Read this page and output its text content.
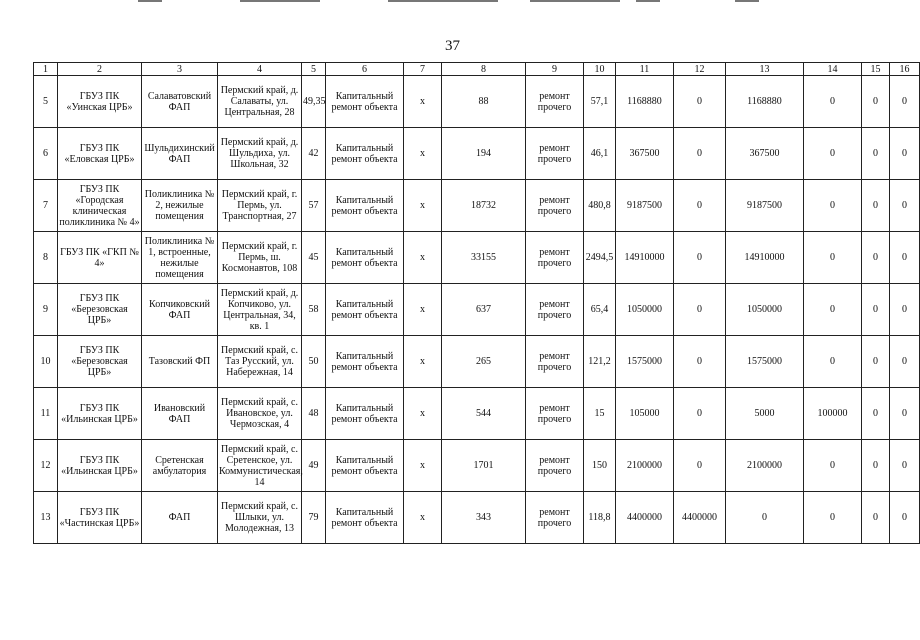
37
1	2	3	4	5	6	7	8	9	10	11	12	13	14	15	16
5	ГБУЗ ПК «Уинская ЦРБ»	Салаватовский ФАП	Пермский край, д. Салаваты, ул. Центральная, 28	49,35	Капитальный ремонт объекта	x	88	ремонт прочего	57,1	1168880	0	1168880	0	0	0
6	ГБУЗ ПК «Еловская ЦРБ»	Шульдихинский ФАП	Пермский край, д. Шульдиха, ул. Школьная, 32	42	Капитальный ремонт объекта	x	194	ремонт прочего	46,1	367500	0	367500	0	0	0
7	ГБУЗ ПК «Городская клиническая поликлиника № 4»	Поликлиника № 2, нежилые помещения	Пермский край, г. Пермь, ул. Транспортная, 27	57	Капитальный ремонт объекта	x	18732	ремонт прочего	480,8	9187500	0	9187500	0	0	0
8	ГБУЗ ПК «ГКП № 4»	Поликлиника № 1, встроенные, нежилые помещения	Пермский край, г. Пермь, ш. Космонавтов, 108	45	Капитальный ремонт объекта	x	33155	ремонт прочего	2494,5	14910000	0	14910000	0	0	0
9	ГБУЗ ПК «Березовская ЦРБ»	Копчиковский ФАП	Пермский край, д. Копчиково, ул. Центральная, 34, кв. 1	58	Капитальный ремонт объекта	x	637	ремонт прочего	65,4	1050000	0	1050000	0	0	0
10	ГБУЗ ПК «Березовская ЦРБ»	Тазовский ФП	Пермский край, с. Таз Русский, ул. Набережная, 14	50	Капитальный ремонт объекта	x	265	ремонт прочего	121,2	1575000	0	1575000	0	0	0
11	ГБУЗ ПК «Ильинская ЦРБ»	Ивановский ФАП	Пермский край, с. Ивановское, ул. Чермозская, 4	48	Капитальный ремонт объекта	x	544	ремонт прочего	15	105000	0	5000	100000	0	0
12	ГБУЗ ПК «Ильинская ЦРБ»	Сретенская амбулатория	Пермский край, с. Сретенское, ул. Коммунистическая, 14	49	Капитальный ремонт объекта	x	1701	ремонт прочего	150	2100000	0	2100000	0	0	0
13	ГБУЗ ПК «Частинская ЦРБ»	ФАП	Пермский край, с. Шлыки, ул. Молодежная, 13	79	Капитальный ремонт объекта	x	343	ремонт прочего	118,8	4400000	4400000	0	0	0	0
